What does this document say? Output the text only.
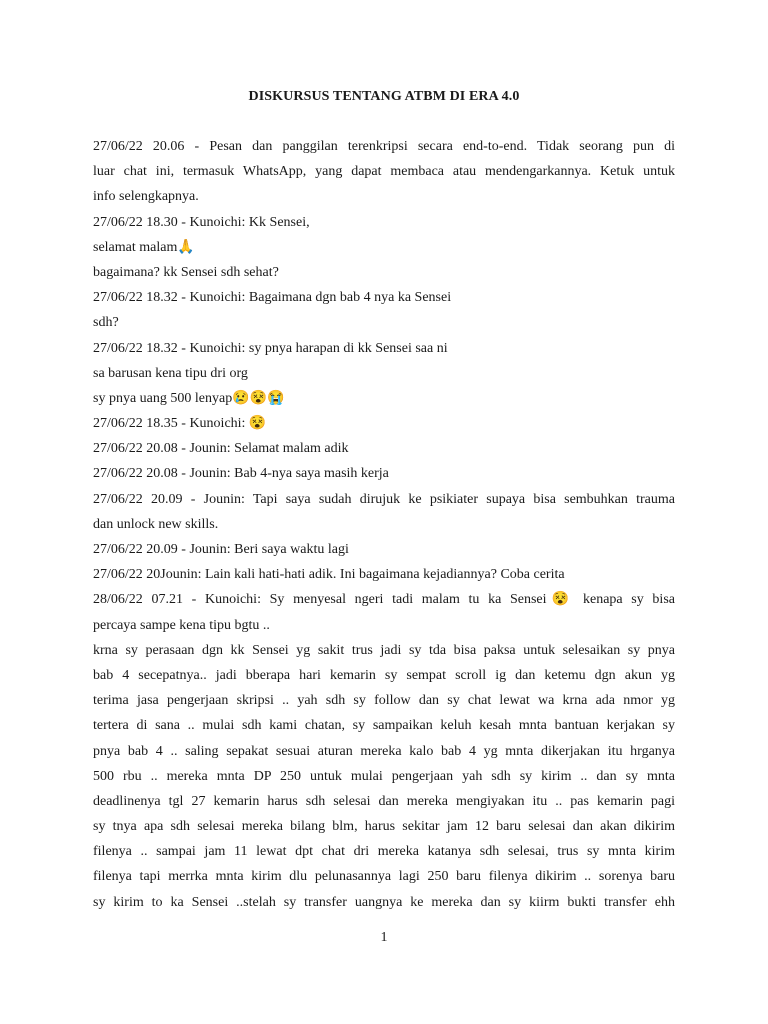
DISKURSUS TENTANG ATBM DI ERA 4.0
27/06/22 20.06 - Pesan dan panggilan terenkripsi secara end-to-end. Tidak seorang pun di
luar chat ini, termasuk WhatsApp, yang dapat membaca atau mendengarkannya. Ketuk untuk
info selengkapnya.
27/06/22 18.30 - Kunoichi: Kk Sensei,
selamat malam🙏
bagaimana? kk Sensei sdh sehat?
27/06/22 18.32 - Kunoichi: Bagaimana dgn bab 4 nya ka Sensei
sdh?
27/06/22 18.32 - Kunoichi: sy pnya harapan di kk Sensei saa ni
sa barusan kena tipu dri org
sy pnya uang 500 lenyap😢😵😭
27/06/22 18.35 - Kunoichi: 😵
27/06/22 20.08 - Jounin: Selamat malam adik
27/06/22 20.08 - Jounin: Bab 4-nya saya masih kerja
27/06/22 20.09 - Jounin: Tapi saya sudah dirujuk ke psikiater supaya bisa sembuhkan trauma
dan unlock new skills.
27/06/22 20.09 - Jounin: Beri saya waktu lagi
27/06/22 20Jounin: Lain kali hati-hati adik. Ini bagaimana kejadiannya? Coba cerita
28/06/22 07.21 - Kunoichi: Sy menyesal ngeri tadi malam tu ka Sensei😵 kenapa sy bisa
percaya sampe kena tipu bgtu ..
krna sy perasaan dgn kk Sensei yg sakit trus jadi sy tda bisa paksa untuk selesaikan sy pnya
bab 4 secepatnya.. jadi bberapa hari kemarin sy sempat scroll ig dan ketemu dgn akun yg
terima jasa pengerjaan skripsi .. yah sdh sy follow dan sy chat lewat wa krna ada nmor yg
tertera di sana .. mulai sdh kami chatan, sy sampaikan keluh kesah mnta bantuan kerjakan sy
pnya bab 4 .. saling sepakat sesuai aturan mereka kalo bab 4 yg mnta dikerjakan itu hrganya
500 rbu .. mereka mnta DP 250 untuk mulai pengerjaan yah sdh sy kirim .. dan sy mnta
deadlinenya tgl 27 kemarin harus sdh selesai dan mereka mengiyakan itu .. pas kemarin pagi
sy tnya apa sdh selesai mereka bilang blm, harus sekitar jam 12 baru selesai dan akan dikirim
filenya .. sampai jam 11 lewat dpt chat dri mereka katanya sdh selesai, trus sy mnta kirim
filenya tapi merrka mnta kirim dlu pelunasannya lagi 250 baru filenya dikirim .. sorenya baru
sy kirim to ka Sensei ..stelah sy transfer uangnya ke mereka dan sy kiirm bukti transfer ehh
1
